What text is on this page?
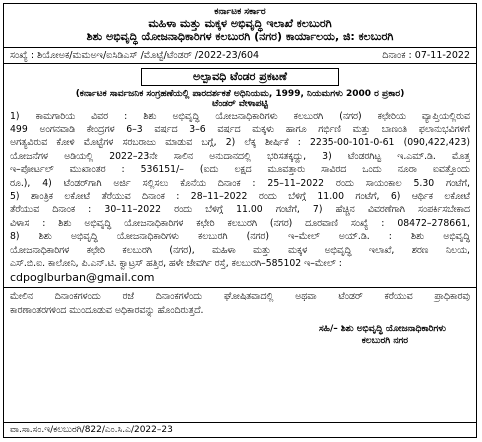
ಕರ್ನಾಟಕ ಸರ್ಕಾರ
ಮಹಿಳಾ ಮತ್ತು ಮಕ್ಕಳ ಅಭಿವೃದ್ಧಿ ಇಲಾಖೆ ಕಲಬುರಗಿ
ಶಿಶು ಅಭಿವೃದ್ಧಿ ಯೋಜನಾಧಿಕಾರಿಗಳ ಕಲಬುರಗಿ (ನಗರ) ಕಾರ್ಯಾಲಯ, ಜಿ: ಕಲಬುರಗಿ
ಸಂಖ್ಯೆ : ಶಿಯೋಅಕ/ಮಮಅಇ/ಐಸಿಡಿಎಸ್ /ಮೊಟ್ಟೆ/ಟೆಂಡರ್ /2022-23/604	ದಿನಾಂಕ : 07-11-2022
ಅಲ್ಪಾವಧಿ ಟೆಂಡರ ಪ್ರಕಟಣೆ
(ಕರ್ನಾಟಕ ಸಾರ್ವಜನಿಕ ಸಂಗ್ರಹಣೆಯಲ್ಲಿ ಪಾರದರ್ಶಕತೆ ಅಧಿನಿಯಮ, 1999, ನಿಯಮಗಳು 2000 ರ ಪ್ರಕಾರ)
ಟೆಂಡರ್ ವೇಳಾಪಟ್ಟಿ
1) ಕಾಮಗಾರಿಯ ವಿವರ : ಶಿಶು ಅಭಿವೃದ್ಧಿ ಯೋಜನಾಧಿಕಾರಿಗಳು ಕಲಬುರಗಿ (ನಗರ) ಕಛೇರಿಯ ವ್ಯಾಪ್ತಿಯಲ್ಲಿರುವ
499 ಅಂಗನವಾಡಿ ಕೇಂದ್ರಗಳ 6–3 ವರ್ಷದ 3–6 ವರ್ಷದ ಮಕ್ಕಳು ಹಾಗೂ ಗರ್ಭಿಣಿ ಮತ್ತು ಬಾಣಂತಿ ಫಲಾನುಭವಿಗಳಿಗೆ
ಅಗತ್ಯವಿರುವ ಕೋಳಿ ಮೊಟ್ಟೆಗಳ ಸರಬರಾಜು ಮಾಡುವ ಬಗ್ಗೆ, 2) ಲೆಕ್ಕ ಶೀರ್ಷಿಕೆ : 2235-00-101-0-61 (090,422,423)
ಯೋಜನೆಗಳ ಅಡಿಯಲ್ಲಿ 2022–23ನೇ ಸಾಲಿನ ಅನುದಾನದಲ್ಲಿ ಭರಿಸತಕ್ಕದ್ದು, 3) ಟೆಂಡರಗಿಟ್ಟ ಇ.ಎಮ್.ಡಿ. ಮೊತ್ತ
ಇ–ಪೋರ್ಟಲ್ ಮುಖಾಂತರ : 536151/– (ಐದು ಲಕ್ಷದ ಮೂವತ್ತಾರು ಸಾವಿರದ ಒಂದು ನೂರಾ ಐವತ್ತೊಂದು
ರೂ.), 4) ಟೆಂಡರ್‌ಗಾಗಿ ಅರ್ಜಿ ಸಲ್ಲಿಸಲು ಕೊನೆಯ ದಿನಾಂಕ : 25–11–2022 ರಂದು ಸಾಯಂಕಾಲ 5.30 ಗಂಟೆಗೆ,
5) ಶಾಂತ್ರಿಕ ಲಕೋಟೆ ತೆರೆಯುವ ದಿನಾಂಕ : 28–11–2022 ರಂದು ಬೆಳಿಗ್ಗೆ 11.00 ಗಂಟೆಗೆ, 6) ಆರ್ಥಿಕ ಲಕೋಟೆ
ತೆರೆಯುವ ದಿನಾಂಕ : 30–11–2022 ರಂದು ಬೆಳಿಗ್ಗೆ 11.00 ಗಂಟೆಗೆ, 7) ಹೆಚ್ಚಿನ ವಿವರಣೆಗಾಗಿ ಸಂಪರ್ಕಿಸಬೇಕಾದ
ವಿಳಾಸ : ಶಿಶು ಅಭಿವೃದ್ಧಿ ಯೋಜನಾಧಿಕಾರಿಗಳ ಕಛೇರಿ ಕಲಬುರಗಿ (ನಗರ) ದೂರವಾಣಿ ಸಂಖ್ಯೆ : 08472–278661,
8) ಶಿಶು ಅಭಿವೃದ್ಧಿ ಯೋಜನಾಧಿಕಾರಿಗಳು ಕಲಬುರಗಿ (ನಗರ) ಇ–ಮೇಲ್ ಅಯ್.ಡಿ. : ಶಿಶು ಅಭಿವೃದ್ಧಿ
ಯೋಜನಾಧಿಕಾರಿಗಳ ಕಛೇರಿ ಕಲಬುರಗಿ (ನಗರ), ಮಹಿಳಾ ಮತ್ತು ಮಕ್ಕಳ ಅಭಿವೃದ್ಧಿ ಇಲಾಖೆ, ಶರಣ ನಿಲಯ,
ಎಸ್.ಬಿ.ಐ. ಕಾಲೋನಿ, ಪಿ.ಎನ್.ಟಿ. ಕ್ವಾಟ್ರಸ್ ಹತ್ತಿರ, ಹಳೇ ಜೇವರ್ಗಿ ರಸ್ತೆ, ಕಲಬುರಗಿ–585102 ಇ–ಮೇಲ್ :
cdpoglburban@gmail.com
ಮೇಲಿನ ದಿನಾಂಕಗಳಂದು ರಜೆ ದಿನಾಂಕಗಳೆಂದು ಘೋಷಿತವಾದಲ್ಲಿ ಅಥವಾ ಟೆಂಡರ್ ಕರೆಯುವ ಪ್ರಾಧಿಕಾರವು
ಕಾರಣಾಂತರಗಳಿಂದ ಮುಂದೂಡುವ ಅಧಿಕಾರವನ್ನು ಹೊಂದಿರುತ್ತದೆ.
ಸಹಿ/– ಶಿಶು ಅಭಿವೃದ್ಧಿ ಯೋಜನಾಧಿಕಾರಿಗಳು
ಕಲಬುರಗಿ ನಗರ
ವಾ.ಸಾ.ಸಂ.ಇ/ಕಲಬುರಗಿ/822/ಎಂ.ಸಿ.ಎ/2022–23
